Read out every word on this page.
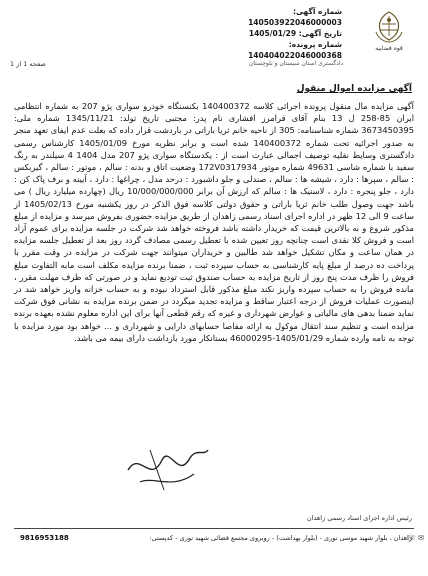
قوه قضاییه
دادگستری استان سیستان و بلوچستان
شماره آگهی: 140503922046000003
تاریخ آگهی: 1405/01/29
شماره پرونده: 140404022046000368
صفحه 1 از 1
آگهی مزایده اموال منقول
آگهی مزایده مال منقول پرونده اجرائی کلاسه 140400372 بکنسنگاه خودرو سواری پژو 207 به شماره انتظامی ایران 85-258 ل 13 بنام آقای فرامرز افشاری نام پدر: مجتبی تاریخ تولد: 1345/11/21 شماره ملی: 3673450395 شماره شناسنامه: 305 از ناحیه خانم ثریا باراتی در باردشت قرار داده که بعلت عدم ایفای تعهد منجر به صدور اجرائیه تحت شماره 140400372 شده است و برابر نظریه مورخ 1405/01/09 کارشناس رسمی دادگستری وسایط نقلیه توصیف اجمالی عبارت است از : یکدستگاه سواری پژو 207 مدل 1404 4 سیلندر به رنگ سفید با شماره شاسی 49631 شماره موتور 172V0317934 وضعیت اتاق و بدنه : سالم ، موتور : سالم ، گیربکس : سالم ، سپرها : دارد ، شیشه ها : سالم ، صندلی و جلو داشبورد : درحد مدل ، چراغها : دارد ، آیینه و برف پاک کن : دارد ، جلو پنجره : دارد ، لاستیک ها : سالم که ارزش آن برابر 10/000/000/000 ریال (چهارده میلیارد ریال ) می باشد جهت وصول طلب خانم ثریا باراتی و حقوق دولتی کلاسه فوق الذکر در روز یکشنبه مورخ 1405/02/13 از ساعت 9 الی 12 ظهر در اداره اجرای اسناد رسمی زاهدان از طریق مزایده حضوری بفروش میرسد و مزایده از مبلغ مذکور شروع و به بالاترین قیمت که خریدار داشته باشد فروخته خواهد شد شرکت در جلسه مزایده برای عموم آزاد است و فروش کلا نقدی است چنانچه روز تعیین شده با تعطیل رسمی مصادف گردد روز بعد از تعطیل جلسه مزایده در همان ساعت و مکان تشکیل خواهد شد طالبین و خریداران میتوانند جهت شرکت در مزایده در وقت مقرر با پرداخت ده درصد از مبلغ پایه کارشناسی به حساب سپرده ثبت ، ضمنا برنده مزایده مکلف است مابه التفاوت مبلغ فروش را ظرف مدت پنج روز از تاریخ مزایده به حساب صندوق ثبت تودیع نماید و در صورتی که ظرف مهلت مقرر ، مانده فروش را به حساب سپرده واریز نکند مبلغ مذکور قابل استرداد نبوده و به حساب خزانه واریز خواهد شد در اینصورت عملیات فروش از درجه اعتبار ساقط و مزایده تجدید میگردد در ضمن برنده مزایده به نشانی فوق شرکت نماید ضمنا بدهی های مالیاتی و عوارض شهرداری و غیره که رقم قطعی آنها برای این اداره معلوم نشده بعهده برنده مزایده است و تنظیم سند انتقال موکول به ارائه مفاصا حسابهای دارایی و شهرداری و ... خواهد بود مورد مزایده با توجه به نامه وارده شماره 1405/01/29-46000295 بستانکار مورد بازداشت دارای بیمه می باشد.
رئیس اداره اجرای اسناد رسمی زاهدان
زاهدان ، بلوار شهید موسی نوری - (بلوار بهداشت) - روبروی مجتمع قضائی شهید نوری - کدپستی:
9816953188	☏ ✉
